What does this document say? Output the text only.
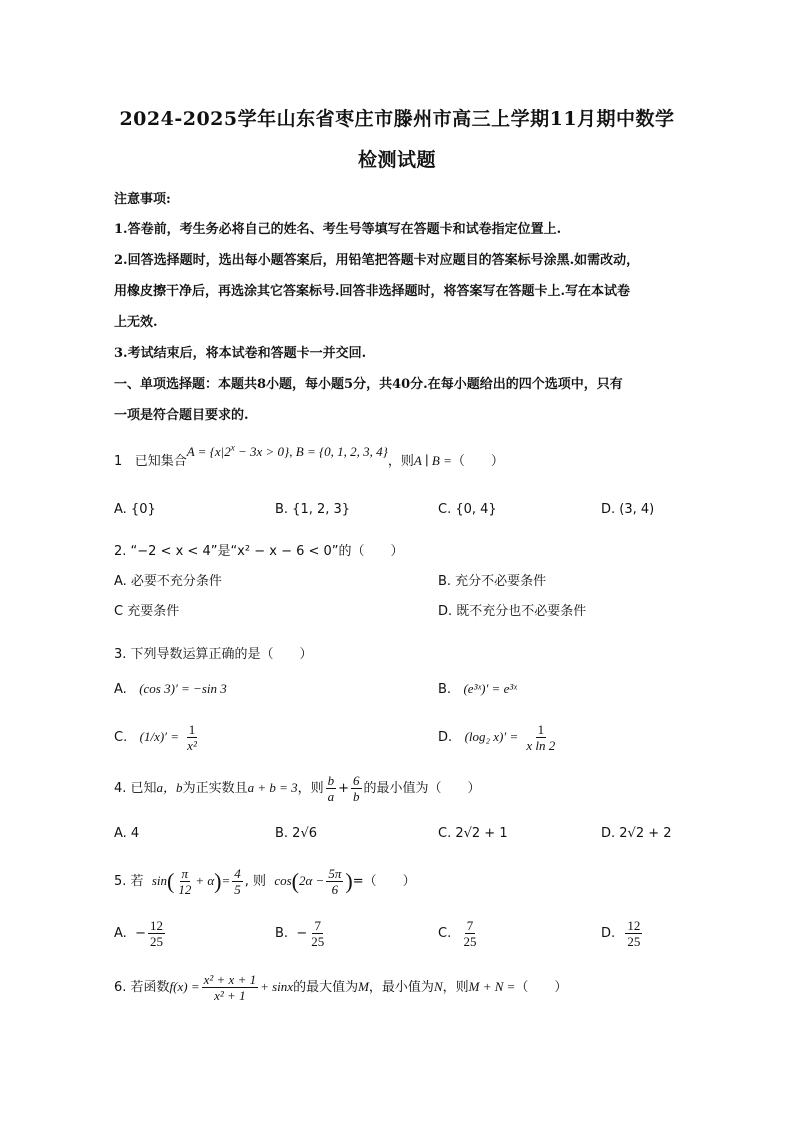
2024-2025学年山东省枣庄市滕州市高三上学期11月期中数学
检测试题
注意事项:
1.答卷前，考生务必将自己的姓名、考生号等填写在答题卡和试卷指定位置上.
2.回答选择题时，选出每小题答案后，用铅笔把答题卡对应题目的答案标号涂黑.如需改动，
用橡皮擦干净后，再选涂其它答案标号.回答非选择题时，将答案写在答题卡上.写在本试卷
上无效.
3.考试结束后，将本试卷和答题卡一并交回.
一、单项选择题：本题共8小题，每小题5分，共40分.在每小题给出的四个选项中，只有
一项是符合题目要求的.
1 已知集合$A = \{x|2^x - 3x > 0\}$, B = {0, 1, 2, 3, 4}，则A ∣ B =（　　）
A. {0}	B. {1, 2, 3}	C. {0, 4}	D. (3, 4)
2. “−2 < x < 4”是“x² − x − 6 < 0”的（　　）
A. 必要不充分条件	B. 充分不必要条件
C 充要条件	D. 既不充分也不必要条件
3. 下列导数运算正确的是（　　）
A. (cos 3)′ = −sin 3	B. (e³ˣ)′ = e³ˣ
C. $(1/x)' = \frac{1}{\text{x²}}$	D. (log₂ $x)' = \frac{1}{\text{x ln 2}}$
4. 已知a，b为正实数且a + b = 3，则 $\frac{b}{a} + \frac{6}{b}$ 的最小值为（　　）
A. 4	B. 2√6	C. 2√2 + 1	D. 2√2 + 2
5. 若 $\sin( \frac{\pi}{12} + \alpha)= \frac{4}{5}$ , 则 $\cos(2\alpha - \frac{5\pi}{6}$ )=（　　）
A. − $\frac{12}{25}$	B. − $\frac{7}{25}$	C. $\frac{7}{25}$	D. $\frac{12}{25}$
6. 若函数$f(x) = \frac{\text{x² + x + 1}}{\text{x² + 1}} + \sin x$的最大值为M，最小值为N，则M + N =（　　）
